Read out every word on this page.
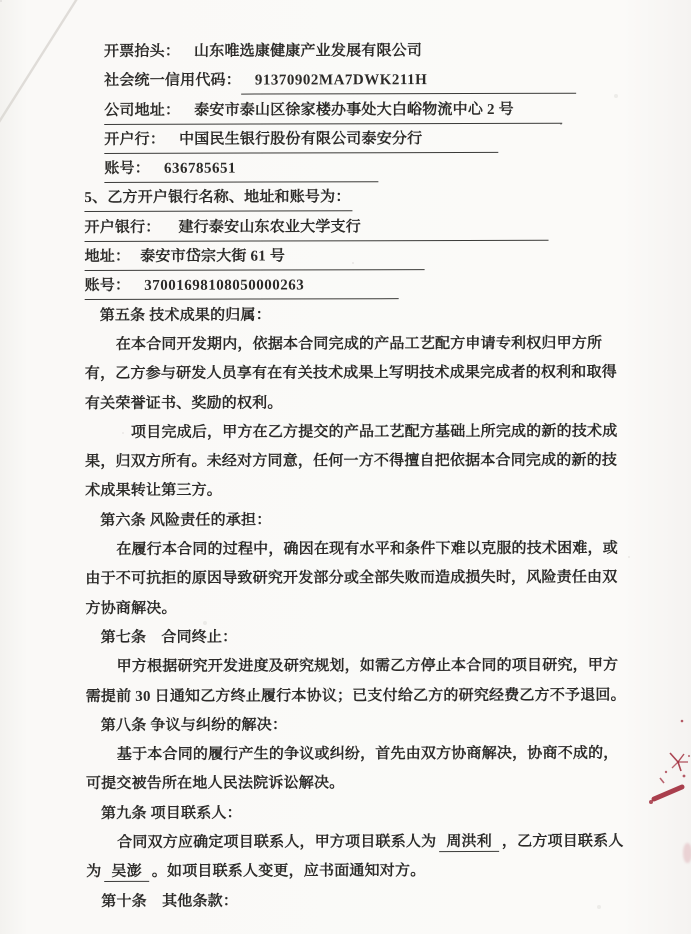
开票抬头： 山东唯选康健康产业发展有限公司
社会统一信用代码： 91370902MA7DWK211H
公司地址： 泰安市泰山区徐家楼办事处大白峪物流中心 2 号
开户行： 中国民生银行股份有限公司泰安分行
账号： 636785651
5、乙方开户银行名称、地址和账号为：
开户银行： 建行泰安山东农业大学支行
地址： 泰安市岱宗大街 61 号
账号： 37001698108050000263
第五条 技术成果的归属：
在本合同开发期内，依据本合同完成的产品工艺配方申请专利权归甲方所
有，乙方参与研发人员享有在有关技术成果上写明技术成果完成者的权利和取得
有关荣誉证书、奖励的权利。
项目完成后，甲方在乙方提交的产品工艺配方基础上所完成的新的技术成
果，归双方所有。未经对方同意，任何一方不得擅自把依据本合同完成的新的技
术成果转让第三方。
第六条 风险责任的承担：
在履行本合同的过程中，确因在现有水平和条件下难以克服的技术困难，或
由于不可抗拒的原因导致研究开发部分或全部失败而造成损失时，风险责任由双
方协商解决。
第七条　合同终止：
甲方根据研究开发进度及研究规划，如需乙方停止本合同的项目研究，甲方
需提前 30 日通知乙方终止履行本协议；已支付给乙方的研究经费乙方不予退回。
第八条 争议与纠纷的解决：
基于本合同的履行产生的争议或纠纷，首先由双方协商解决，协商不成的，
可提交被告所在地人民法院诉讼解决。
第九条 项目联系人：
合同双方应确定项目联系人，甲方项目联系人为 周洪利 ，乙方项目联系人
为 吴澎 。如项目联系人变更，应书面通知对方。
第十条　其他条款：
